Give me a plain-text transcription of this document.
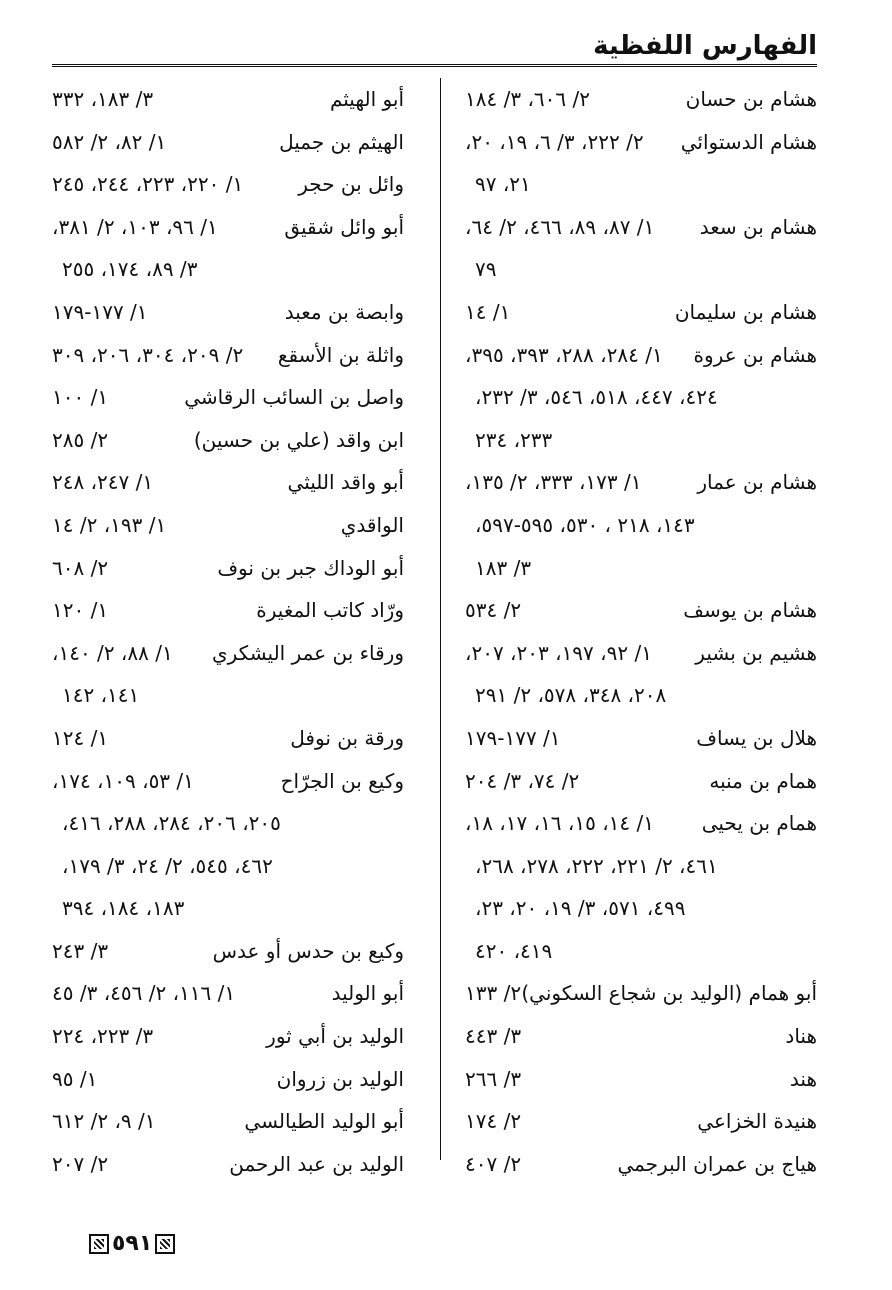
الفهارس اللفظية
هشام بن حسان
٢/ ٦٠٦، ٣/ ١٨٤
هشام الدستوائي
٢/ ٢٢٢، ٣/ ٦، ١٩، ٢٠،
٢١، ٩٧
هشام بن سعد
١/ ٨٧، ٨٩، ٤٦٦، ٢/ ٦٤،
٧٩
هشام بن سليمان
١/ ١٤
هشام بن عروة
١/ ٢٨٤، ٢٨٨، ٣٩٣، ٣٩٥،
٤٢٤، ٤٤٧، ٥١٨، ٥٤٦، ٣/ ٢٣٢،
٢٣٣، ٢٣٤
هشام بن عمار
١/ ١٧٣، ٣٣٣، ٢/ ١٣٥،
١٤٣، ٢١٨ ، ٥٣٠، ٥٩٥-٥٩٧،
٣/ ١٨٣
هشام بن يوسف
٢/ ٥٣٤
هشيم بن بشير
١/ ٩٢، ١٩٧، ٢٠٣، ٢٠٧،
٢٠٨، ٣٤٨، ٥٧٨، ٢/ ٢٩١
هلال بن يساف
١/ ١٧٧-١٧٩
همام بن منبه
٢/ ٧٤، ٣/ ٢٠٤
همام بن يحيى
١/ ١٤، ١٥، ١٦، ١٧، ١٨،
٤٦١، ٢/ ٢٢١، ٢٢٢، ٢٧٨، ٢٦٨،
٤٩٩، ٥٧١، ٣/ ١٩، ٢٠، ٢٣،
٤١٩، ٤٢٠
أبو همام (الوليد بن شجاع السكوني)
٢/ ١٣٣
هناد
٣/ ٤٤٣
هند
٣/ ٢٦٦
هنيدة الخزاعي
٢/ ١٧٤
هياج بن عمران البرجمي
٢/ ٤٠٧
أبو الهيثم
٣/ ١٨٣، ٣٣٢
الهيثم بن جميل
١/ ٨٢، ٢/ ٥٨٢
وائل بن حجر
١/ ٢٢٠، ٢٢٣، ٢٤٤، ٢٤٥
أبو وائل شقيق
١/ ٩٦، ١٠٣، ٢/ ٣٨١،
٣/ ٨٩، ١٧٤، ٢٥٥
وابصة بن معبد
١/ ١٧٧-١٧٩
واثلة بن الأسقع
٢/ ٢٠٩، ٣٠٤، ٢٠٦، ٣٠٩
واصل بن السائب الرقاشي
١/ ١٠٠
ابن واقد (علي بن حسين)
٢/ ٢٨٥
أبو واقد الليثي
١/ ٢٤٧، ٢٤٨
الواقدي
١/ ١٩٣، ٢/ ١٤
أبو الوداك جبر بن نوف
٢/ ٦٠٨
ورّاد كاتب المغيرة
١/ ١٢٠
ورقاء بن عمر اليشكري
١/ ٨٨، ٢/ ١٤٠،
١٤١، ١٤٢
ورقة بن نوفل
١/ ١٢٤
وكيع بن الجرّاح
١/ ٥٣، ١٠٩، ١٧٤،
٢٠٥، ٢٠٦، ٢٨٤، ٢٨٨، ٤١٦،
٤٦٢، ٥٤٥، ٢/ ٢٤، ٣/ ١٧٩،
١٨٣، ١٨٤، ٣٩٤
وكيع بن حدس أو عدس
٣/ ٢٤٣
أبو الوليد
١/ ١١٦، ٢/ ٤٥٦، ٣/ ٤٥
الوليد بن أبي ثور
٣/ ٢٢٣، ٢٢٤
الوليد بن زروان
١/ ٩٥
أبو الوليد الطيالسي
١/ ٩، ٢/ ٦١٢
الوليد بن عبد الرحمن
٢/ ٢٠٧
٥٩١
